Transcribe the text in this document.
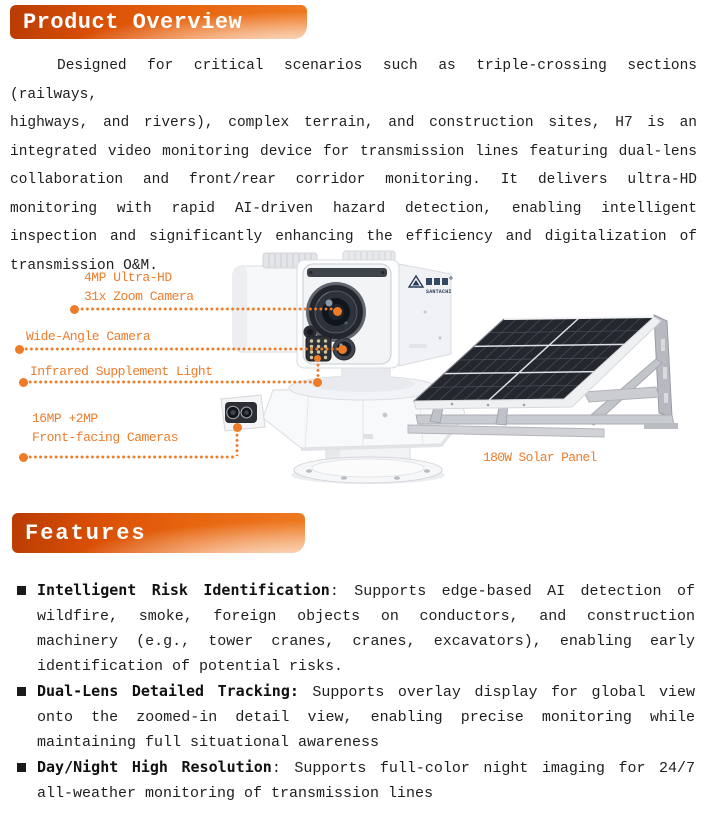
Product Overview
Designed for critical scenarios such as triple-crossing sections (railways,
highways, and rivers), complex terrain, and construction sites, H7 is an
integrated video monitoring device for transmission lines featuring dual-lens
collaboration and front/rear corridor monitoring. It delivers ultra-HD
monitoring with rapid AI-driven hazard detection, enabling intelligent
inspection and significantly enhancing the efficiency and digitalization of
transmission O&M.
SANTACHI
4MP Ultra-HD
31x Zoom Camera
Wide-Angle Camera
Infrared Supplement Light
16MP +2MP
Front-facing Cameras
180W Solar Panel
Features
Intelligent Risk Identification: Supports edge-based AI detection of wildfire, smoke, foreign objects on conductors, and construction machinery (e.g., tower cranes, cranes, excavators), enabling early identification of potential risks.
Dual-Lens Detailed Tracking: Supports overlay display for global view onto the zoomed-in detail view, enabling precise monitoring while maintaining full situational awareness
Day/Night High Resolution: Supports full-color night imaging for 24/7 all-weather monitoring of transmission lines
